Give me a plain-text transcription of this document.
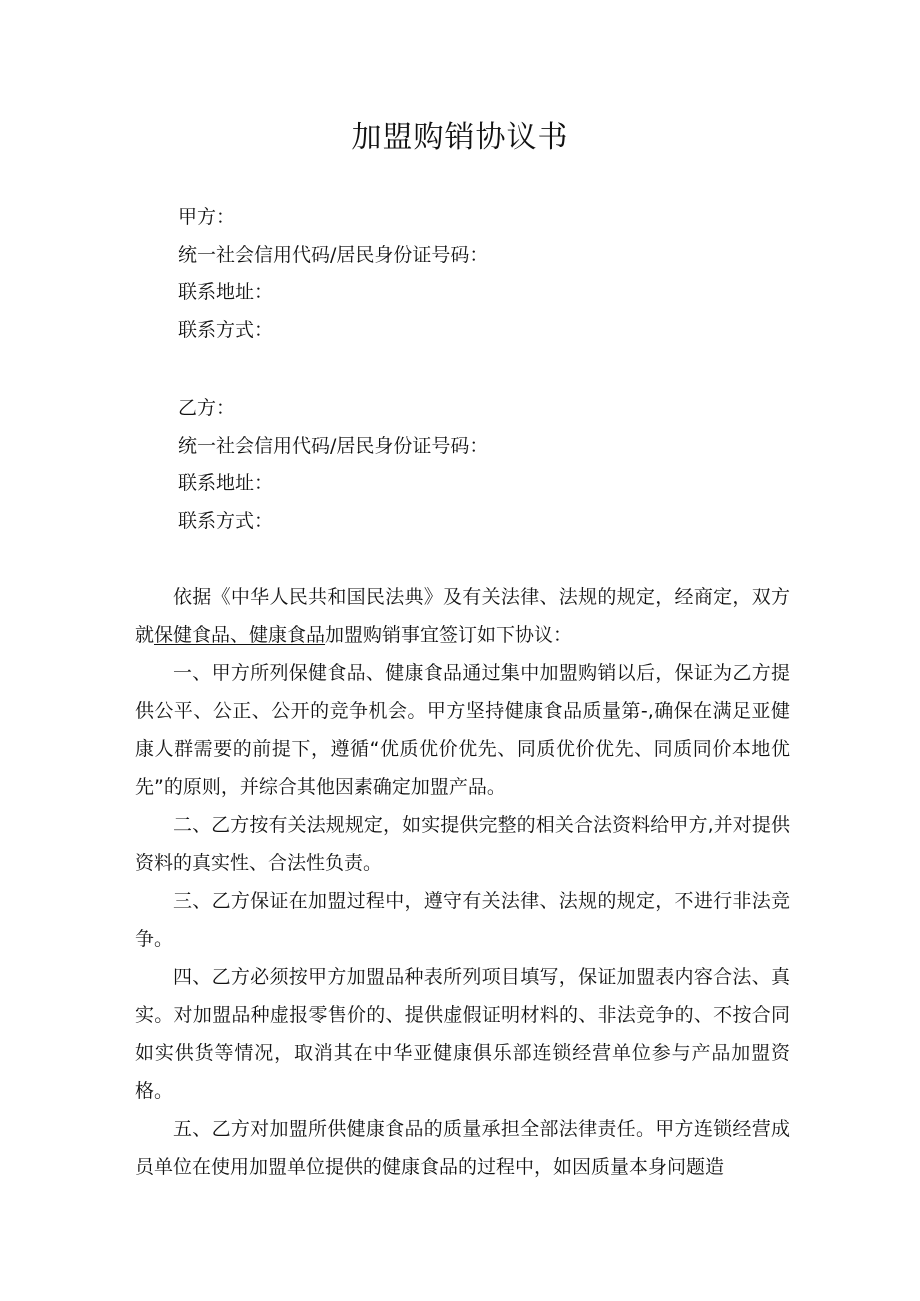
加盟购销协议书
甲方：
统一社会信用代码/居民身份证号码：
联系地址：
联系方式：
乙方：
统一社会信用代码/居民身份证号码：
联系地址：
联系方式：

依据《中华人民共和国民法典》及有关法律、法规的规定，经商定，双方就保健食品、健康食品加盟购销事宜签订如下协议：

一、甲方所列保健食品、健康食品通过集中加盟购销以后，保证为乙方提供公平、公正、公开的竞争机会。甲方坚持健康食品质量第-,确保在满足亚健康人群需要的前提下，遵循“优质优价优先、同质优价优先、同质同价本地优先”的原则，并综合其他因素确定加盟产品。

二、乙方按有关法规规定，如实提供完整的相关合法资料给甲方,并对提供资料的真实性、合法性负责。

三、乙方保证在加盟过程中，遵守有关法律、法规的规定，不进行非法竞争。

四、乙方必须按甲方加盟品种表所列项目填写，保证加盟表内容合法、真实。对加盟品种虚报零售价的、提供虚假证明材料的、非法竞争的、不按合同如实供货等情况，取消其在中华亚健康俱乐部连锁经营单位参与产品加盟资格。

五、乙方对加盟所供健康食品的质量承担全部法律责任。甲方连锁经营成员单位在使用加盟单位提供的健康食品的过程中，如因质量本身问题造
